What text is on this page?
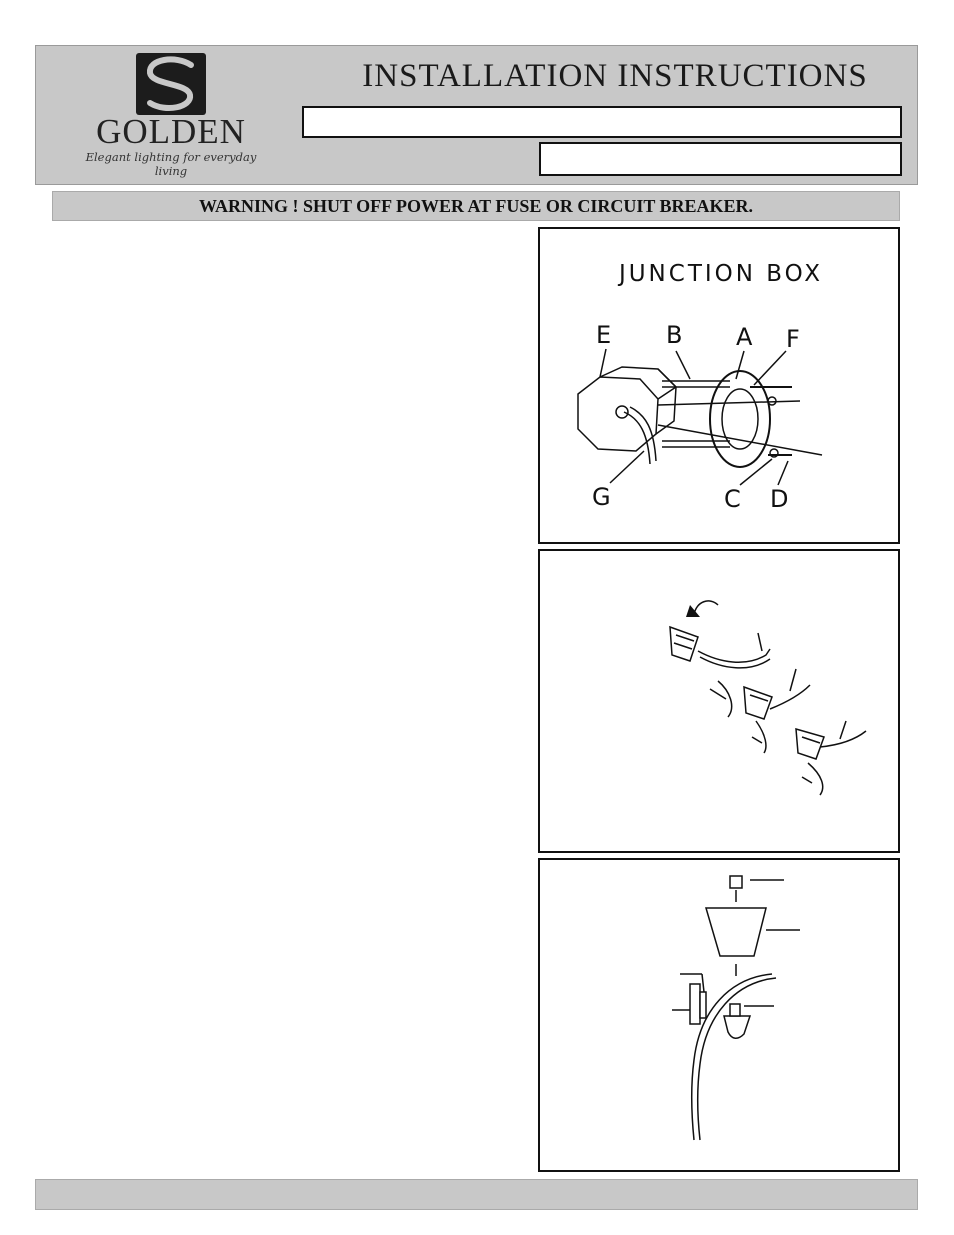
GOLDEN
Elegant lighting for everyday living
INSTALLATION INSTRUCTIONS
WARNING ! SHUT OFF POWER AT FUSE OR CIRCUIT BREAKER.
JUNCTION BOX
E B A F
G	C D
